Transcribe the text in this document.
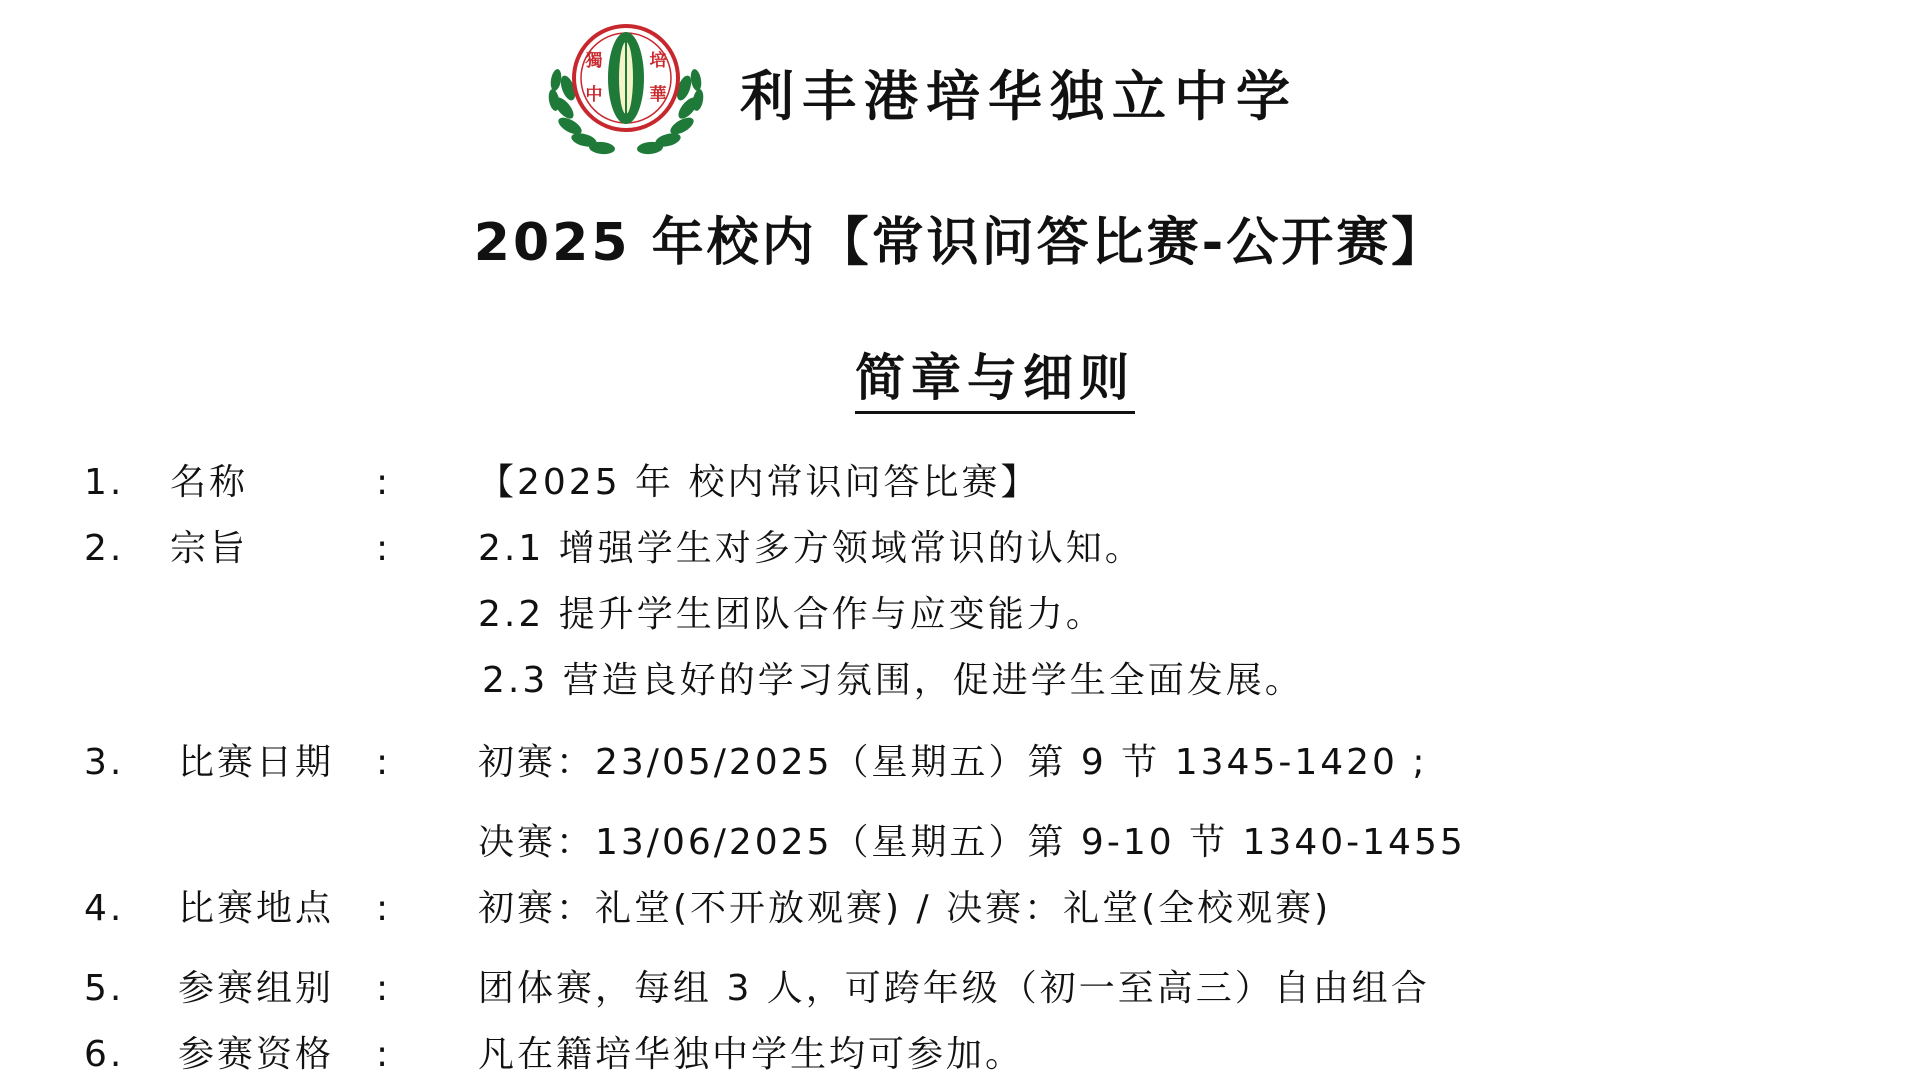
獨
中
培
華 利丰港培华独立中学
2025 年校内【常识问答比赛-公开赛】
简章与细则
1. 名称	: 【2025 年 校内常识问答比赛】
2. 宗旨	: 2.1 增强学生对多方领域常识的认知。
2.2 提升学生团队合作与应变能力。
2.3 营造良好的学习氛围，促进学生全面发展。
3. 比赛日期 : 初赛：23/05/2025（星期五）第 9 节 1345-1420 ;
决赛：13/06/2025（星期五）第 9-10 节 1340-1455
4. 比赛地点 : 初赛：礼堂(不开放观赛) / 决赛：礼堂(全校观赛)
5. 参赛组别 : 团体赛，每组 3 人，可跨年级（初一至高三）自由组合
6. 参赛资格 : 凡在籍培华独中学生均可参加。
